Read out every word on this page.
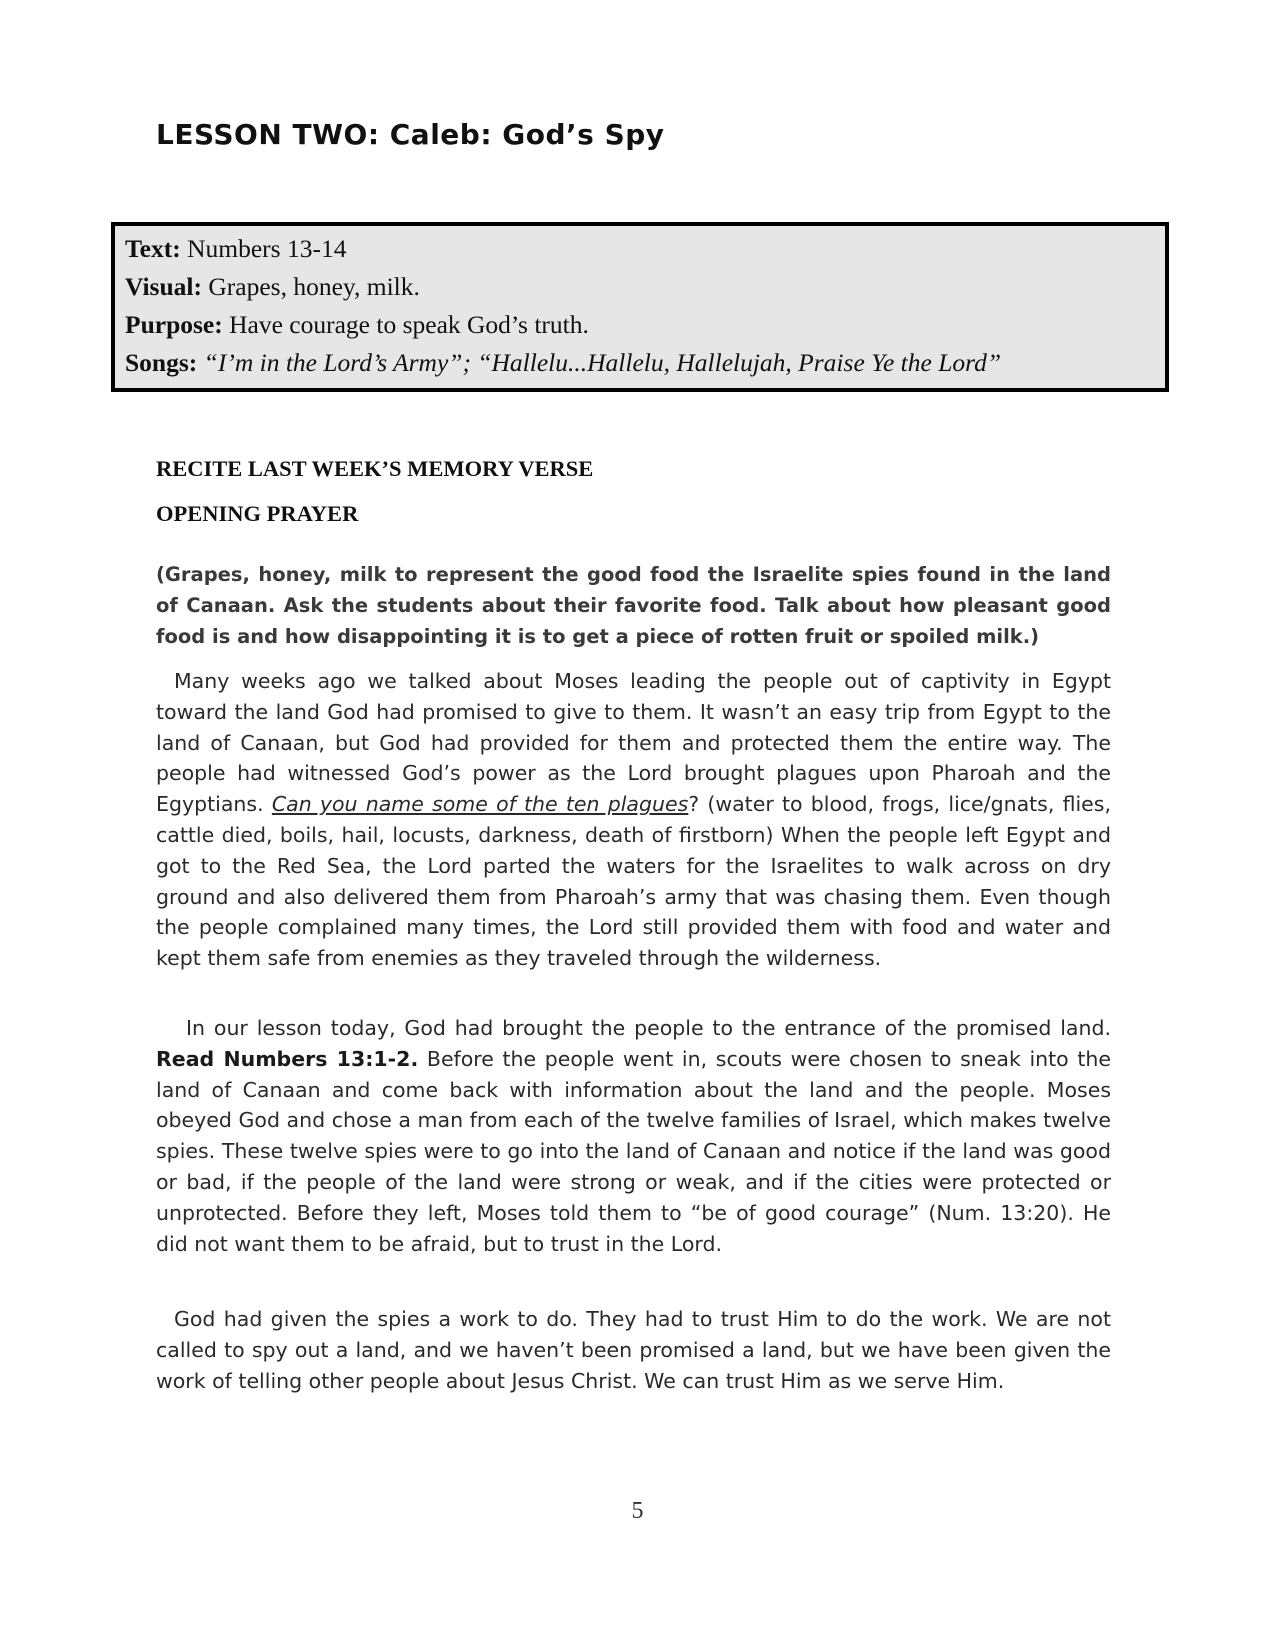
LESSON TWO: Caleb: God’s Spy
Text: Numbers 13-14
Visual: Grapes, honey, milk.
Purpose: Have courage to speak God’s truth.
Songs: “I’m in the Lord’s Army”; “Hallelu...Hallelu, Hallelujah, Praise Ye the Lord”
RECITE LAST WEEK’S MEMORY VERSE
OPENING PRAYER

(Grapes, honey, milk to represent the good food the Israelite spies found in the land of Canaan. Ask the students about their favorite food. Talk about how pleasant good food is and how disappointing it is to get a piece of rotten fruit or spoiled milk.)

Many weeks ago we talked about Moses leading the people out of captivity in Egypt toward the land God had promised to give to them. It wasn’t an easy trip from Egypt to the land of Canaan, but God had provided for them and protected them the entire way. The people had witnessed God’s power as the Lord brought plagues upon Pharoah and the Egyptians. Can you name some of the ten plagues? (water to blood, frogs, lice/gnats, flies, cattle died, boils, hail, locusts, darkness, death of firstborn) When the people left Egypt and got to the Red Sea, the Lord parted the waters for the Israelites to walk across on dry ground and also delivered them from Pharoah’s army that was chasing them. Even though the people complained many times, the Lord still provided them with food and water and kept them safe from enemies as they traveled through the wilderness.

In our lesson today, God had brought the people to the entrance of the promised land. Read Numbers 13:1-2. Before the people went in, scouts were chosen to sneak into the land of Canaan and come back with information about the land and the people. Moses obeyed God and chose a man from each of the twelve families of Israel, which makes twelve spies. These twelve spies were to go into the land of Canaan and notice if the land was good or bad, if the people of the land were strong or weak, and if the cities were protected or unprotected. Before they left, Moses told them to “be of good courage” (Num. 13:20). He did not want them to be afraid, but to trust in the Lord.

God had given the spies a work to do. They had to trust Him to do the work. We are not called to spy out a land, and we haven’t been promised a land, but we have been given the work of telling other people about Jesus Christ. We can trust Him as we serve Him.

5
